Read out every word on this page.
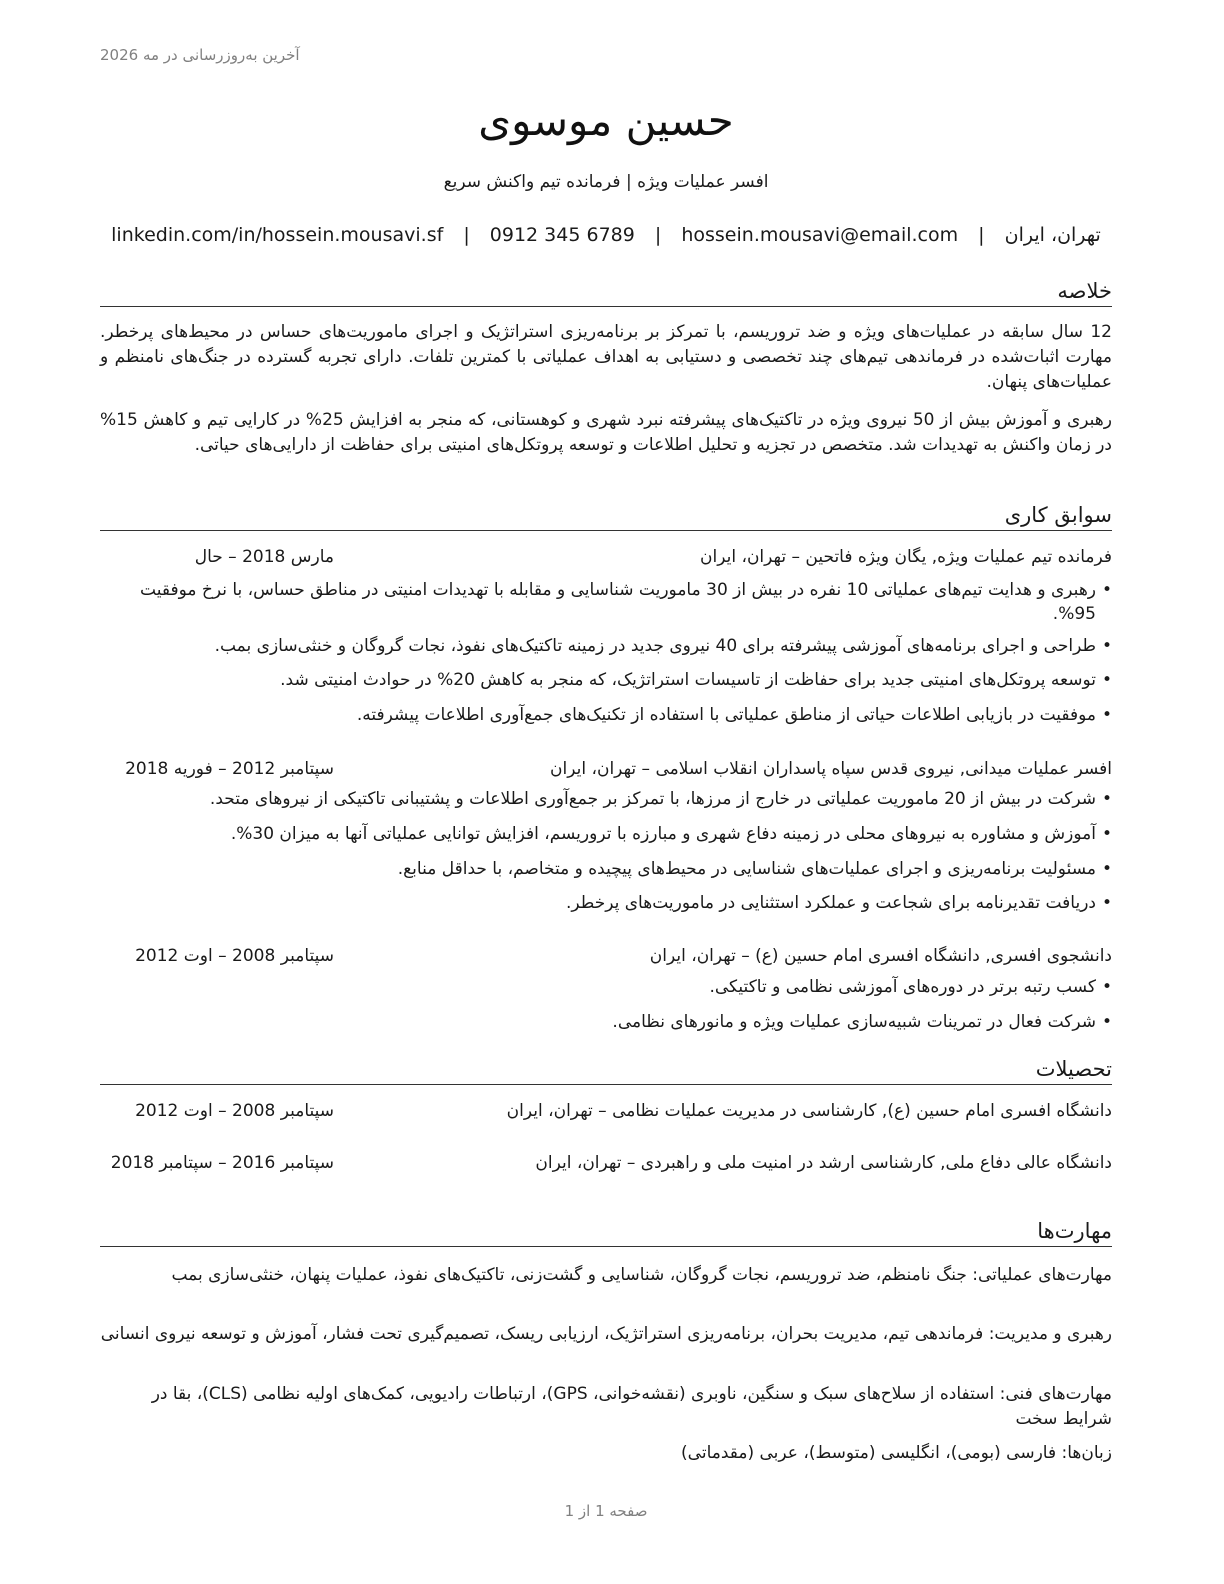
آخرین به‌روزرسانی در مه 2026
حسین موسوی
افسر عملیات ویژه | فرمانده تیم واکنش سریع
تهران، ایران | hossein.mousavi@email.com | 0912 345 6789 | linkedin.com/in/hossein.mousavi.sf
خلاصه
12 سال سابقه در عملیات‌های ویژه و ضد تروریسم، با تمرکز بر برنامه‌ریزی استراتژیک و اجرای ماموریت‌های حساس در محیط‌های پرخطر. مهارت اثبات‌شده در فرماندهی تیم‌های چند تخصصی و دستیابی به اهداف عملیاتی با کمترین تلفات. دارای تجربه گسترده در جنگ‌های نامنظم و عملیات‌های پنهان.
رهبری و آموزش بیش از 50 نیروی ویژه در تاکتیک‌های پیشرفته نبرد شهری و کوهستانی، که منجر به افزایش 25% در کارایی تیم و کاهش 15% در زمان واکنش به تهدیدات شد. متخصص در تجزیه و تحلیل اطلاعات و توسعه پروتکل‌های امنیتی برای حفاظت از دارایی‌های حیاتی.
سوابق کاری
فرمانده تیم عملیات ویژه, یگان ویژه فاتحین – تهران، ایران
مارس 2018 – حال
• رهبری و هدایت تیم‌های عملیاتی 10 نفره در بیش از 30 ماموریت شناسایی و مقابله با تهدیدات امنیتی در مناطق حساس، با نرخ موفقیت 95%.
• طراحی و اجرای برنامه‌های آموزشی پیشرفته برای 40 نیروی جدید در زمینه تاکتیک‌های نفوذ، نجات گروگان و خنثی‌سازی بمب.
• توسعه پروتکل‌های امنیتی جدید برای حفاظت از تاسیسات استراتژیک، که منجر به کاهش 20% در حوادث امنیتی شد.
• موفقیت در بازیابی اطلاعات حیاتی از مناطق عملیاتی با استفاده از تکنیک‌های جمع‌آوری اطلاعات پیشرفته.
افسر عملیات میدانی, نیروی قدس سپاه پاسداران انقلاب اسلامی – تهران، ایران
سپتامبر 2012 – فوریه 2018
• شرکت در بیش از 20 ماموریت عملیاتی در خارج از مرزها، با تمرکز بر جمع‌آوری اطلاعات و پشتیبانی تاکتیکی از نیروهای متحد.
• آموزش و مشاوره به نیروهای محلی در زمینه دفاع شهری و مبارزه با تروریسم، افزایش توانایی عملیاتی آنها به میزان 30%.
• مسئولیت برنامه‌ریزی و اجرای عملیات‌های شناسایی در محیط‌های پیچیده و متخاصم، با حداقل منابع.
• دریافت تقدیرنامه برای شجاعت و عملکرد استثنایی در ماموریت‌های پرخطر.
دانشجوی افسری, دانشگاه افسری امام حسین (ع) – تهران، ایران
سپتامبر 2008 – اوت 2012
• کسب رتبه برتر در دوره‌های آموزشی نظامی و تاکتیکی.
• شرکت فعال در تمرینات شبیه‌سازی عملیات ویژه و مانورهای نظامی.
تحصیلات
دانشگاه افسری امام حسین (ع), کارشناسی در مدیریت عملیات نظامی – تهران، ایران
سپتامبر 2008 – اوت 2012
دانشگاه عالی دفاع ملی, کارشناسی ارشد در امنیت ملی و راهبردی – تهران، ایران
سپتامبر 2016 – سپتامبر 2018
مهارت‌ها
مهارت‌های عملیاتی: جنگ نامنظم، ضد تروریسم، نجات گروگان، شناسایی و گشت‌زنی، تاکتیک‌های نفوذ، عملیات پنهان، خنثی‌سازی بمب
رهبری و مدیریت: فرماندهی تیم، مدیریت بحران، برنامه‌ریزی استراتژیک، ارزیابی ریسک، تصمیم‌گیری تحت فشار، آموزش و توسعه نیروی انسانی
مهارت‌های فنی: استفاده از سلاح‌های سبک و سنگین، ناوبری (نقشه‌خوانی، GPS)، ارتباطات رادیویی، کمک‌های اولیه نظامی (CLS)، بقا در شرایط سخت
زبان‌ها: فارسی (بومی)، انگلیسی (متوسط)، عربی (مقدماتی)
صفحه 1 از 1
